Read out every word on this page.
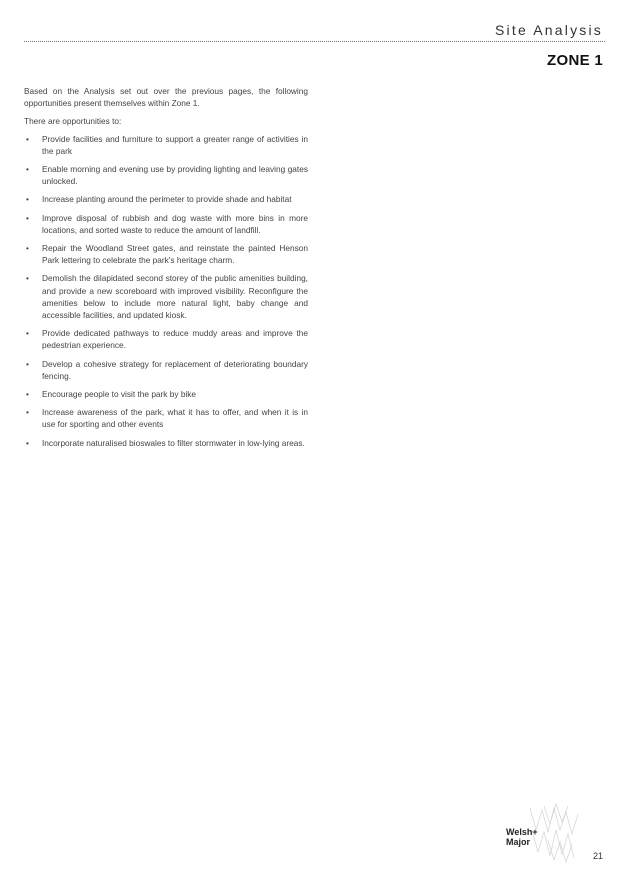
Site Analysis
ZONE 1

Based on the Analysis set out over the previous pages, the following opportunities present themselves within Zone 1.

There are opportunities to:

• Provide facilities and furniture to support a greater range of activities in the park
• Enable morning and evening use by providing lighting and leaving gates unlocked.
• Increase planting around the perimeter to provide shade and habitat
• Improve disposal of rubbish and dog waste with more bins in more locations, and sorted waste to reduce the amount of landfill.
• Repair the Woodland Street gates, and reinstate the painted Henson Park lettering to celebrate the park's heritage charm.
• Demolish the dilapidated second storey of the public amenities building, and provide a new scoreboard with improved visibility. Reconfigure the amenities below to include more natural light, baby change and accessible facilities, and updated kiosk.
• Provide dedicated pathways to reduce muddy areas and improve the pedestrian experience.
• Develop a cohesive strategy for replacement of deteriorating boundary fencing.
• Encourage people to visit the park by bike
• Increase awareness of the park, what it has to offer, and when it is in use for sporting and other events
• Incorporate naturalised bioswales to filter stormwater in low-lying areas.
Welsh+
Major
21
